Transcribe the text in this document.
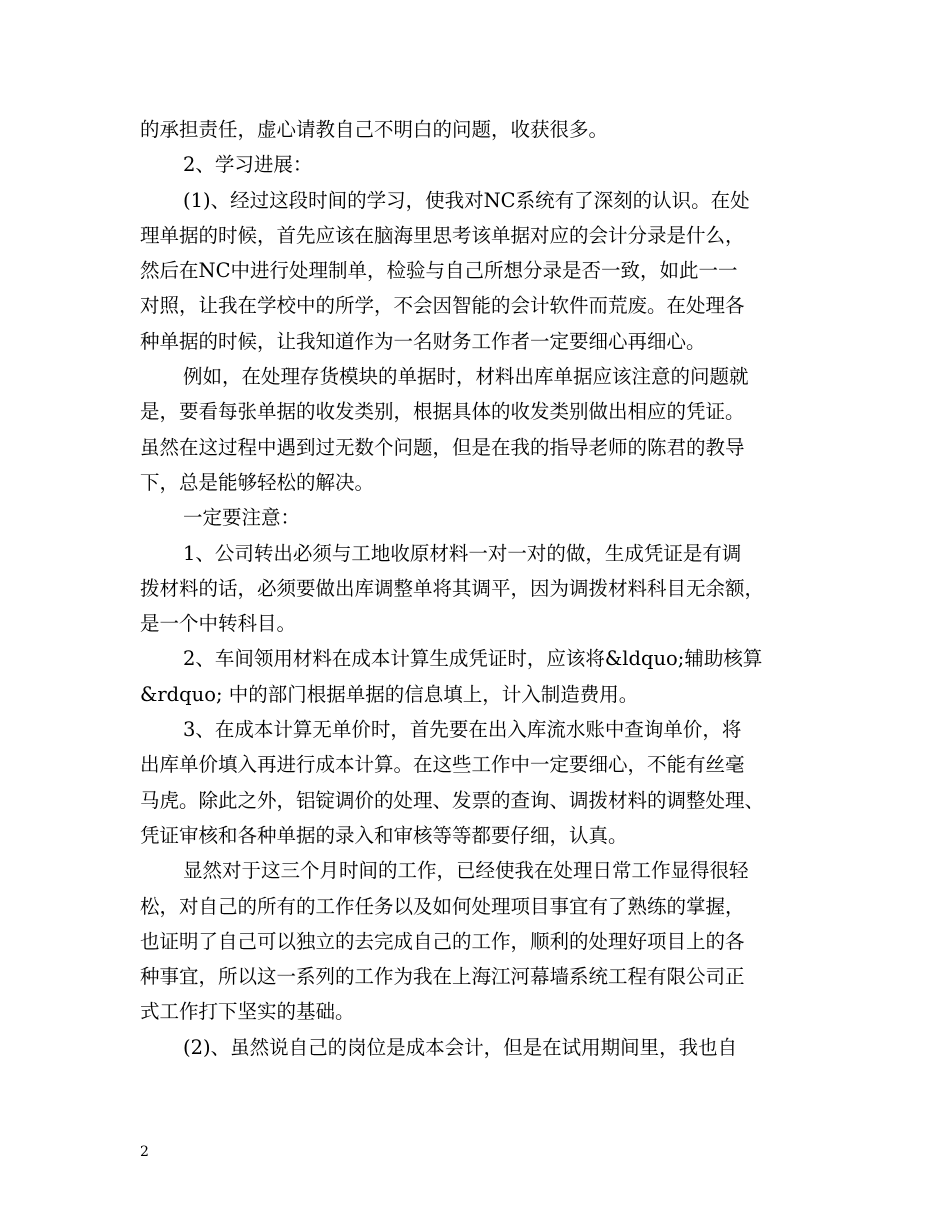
的承担责任，虚心请教自己不明白的问题，收获很多。
2、学习进展：
(1)、经过这段时间的学习，使我对NC系统有了深刻的认识。在处
理单据的时候，首先应该在脑海里思考该单据对应的会计分录是什么，
然后在NC中进行处理制单，检验与自己所想分录是否一致，如此一一
对照，让我在学校中的所学，不会因智能的会计软件而荒废。在处理各
种单据的时候，让我知道作为一名财务工作者一定要细心再细心。
例如，在处理存货模块的单据时，材料出库单据应该注意的问题就
是，要看每张单据的收发类别，根据具体的收发类别做出相应的凭证。
虽然在这过程中遇到过无数个问题，但是在我的指导老师的陈君的教导
下，总是能够轻松的解决。
一定要注意：
1、公司转出必须与工地收原材料一对一对的做，生成凭证是有调
拨材料的话，必须要做出库调整单将其调平，因为调拨材料科目无余额，
是一个中转科目。
2、车间领用材料在成本计算生成凭证时，应该将&ldquo;辅助核算
&rdquo; 中的部门根据单据的信息填上，计入制造费用。
3、在成本计算无单价时，首先要在出入库流水账中查询单价，将
出库单价填入再进行成本计算。在这些工作中一定要细心，不能有丝毫
马虎。除此之外，铝锭调价的处理、发票的查询、调拨材料的调整处理、
凭证审核和各种单据的录入和审核等等都要仔细，认真。
显然对于这三个月时间的工作，已经使我在处理日常工作显得很轻
松，对自己的所有的工作任务以及如何处理项目事宜有了熟练的掌握，
也证明了自己可以独立的去完成自己的工作，顺利的处理好项目上的各
种事宜，所以这一系列的工作为我在上海江河幕墙系统工程有限公司正
式工作打下坚实的基础。
(2)、虽然说自己的岗位是成本会计，但是在试用期间里，我也自
2
